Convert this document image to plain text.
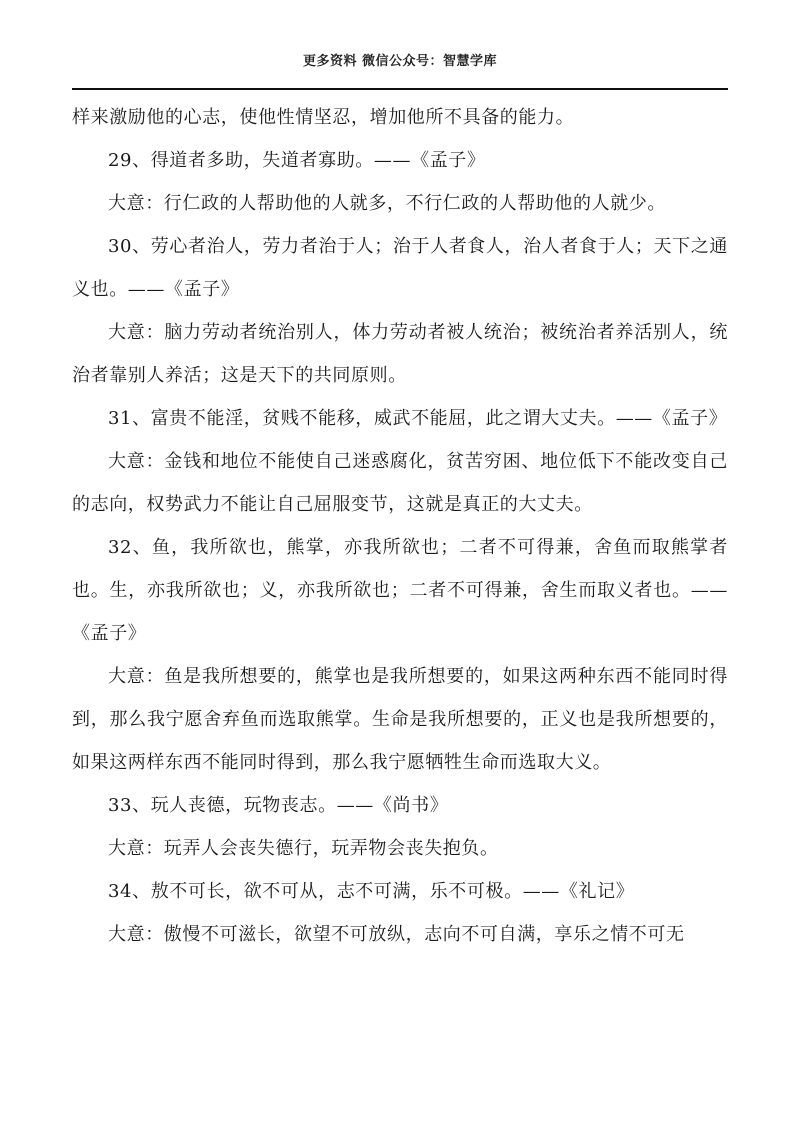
更多资料 微信公众号：智慧学库

样来激励他的心志，使他性情坚忍，增加他所不具备的能力。

29、得道者多助，失道者寡助。——《孟子》

大意：行仁政的人帮助他的人就多，不行仁政的人帮助他的人就少。

30、劳心者治人，劳力者治于人；治于人者食人，治人者食于人；天下之通义也。——《孟子》

大意：脑力劳动者统治别人，体力劳动者被人统治；被统治者养活别人，统治者靠别人养活；这是天下的共同原则。

31、富贵不能淫，贫贱不能移，威武不能屈，此之谓大丈夫。——《孟子》

大意：金钱和地位不能使自己迷惑腐化，贫苦穷困、地位低下不能改变自己的志向，权势武力不能让自己屈服变节，这就是真正的大丈夫。

32、鱼，我所欲也，熊掌，亦我所欲也；二者不可得兼，舍鱼而取熊掌者也。生，亦我所欲也；义，亦我所欲也；二者不可得兼，舍生而取义者也。——《孟子》

大意：鱼是我所想要的，熊掌也是我所想要的，如果这两种东西不能同时得到，那么我宁愿舍弃鱼而选取熊掌。生命是我所想要的，正义也是我所想要的，如果这两样东西不能同时得到，那么我宁愿牺牲生命而选取大义。

33、玩人丧德，玩物丧志。——《尚书》

大意：玩弄人会丧失德行，玩弄物会丧失抱负。

34、敖不可长，欲不可从，志不可满，乐不可极。——《礼记》

大意：傲慢不可滋长，欲望不可放纵，志向不可自满，享乐之情不可无
